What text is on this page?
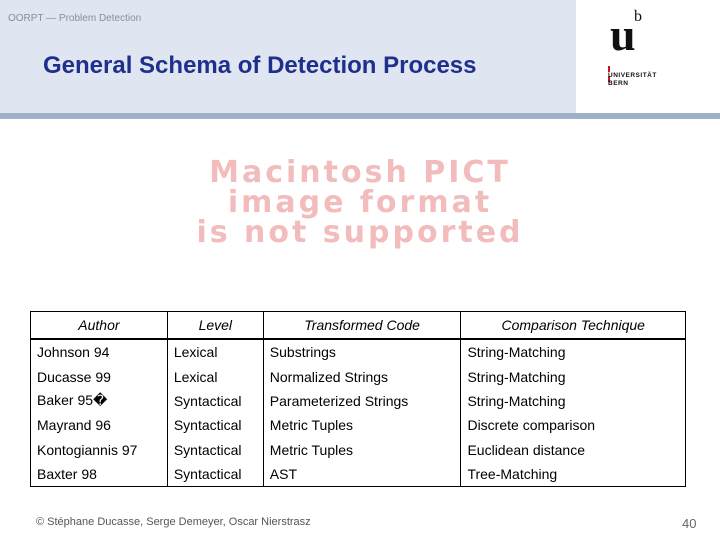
OORPT — Problem Detection
General Schema of Detection Process
u
b
UNIVERSITÄT
BERN
Macintosh PICT
image format
is not supported
Author	Level	Transformed Code	Comparison Technique
Johnson 94	Lexical	Substrings	String-Matching
Ducasse 99	Lexical	Normalized Strings	String-Matching
Baker 95�	Syntactical	Parameterized Strings	String-Matching
Mayrand 96	Syntactical	Metric Tuples	Discrete comparison
Kontogiannis 97	Syntactical	Metric Tuples	Euclidean distance
Baxter 98	Syntactical	AST	Tree-Matching
© Stéphane Ducasse, Serge Demeyer, Oscar Nierstrasz	40
